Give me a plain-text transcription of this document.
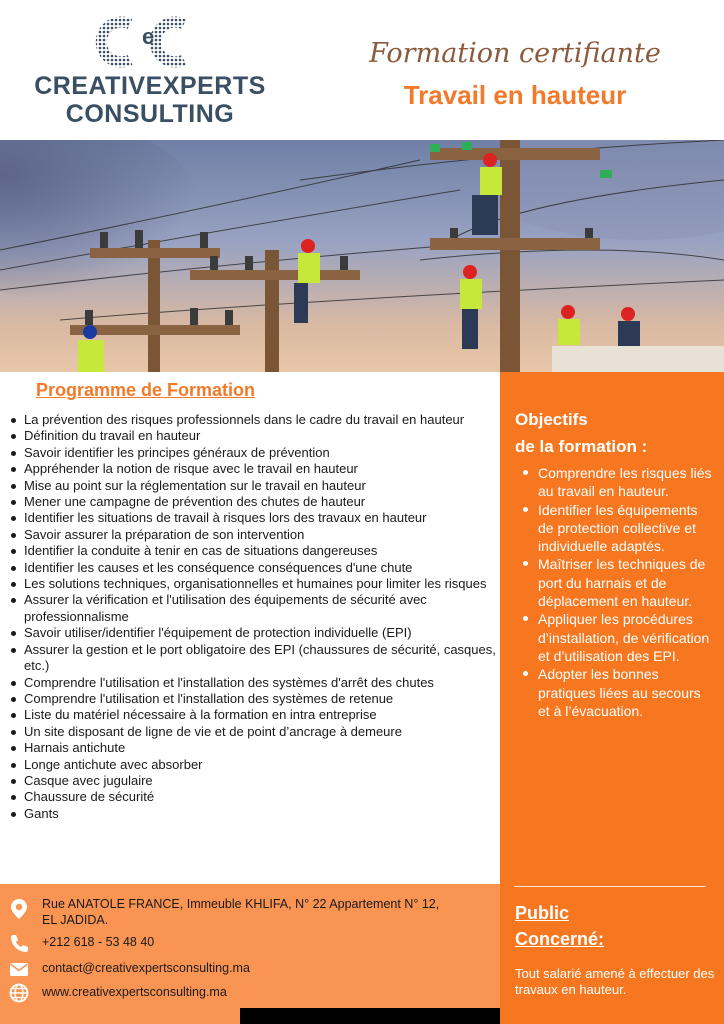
e
CREATIVEXPERTS
CONSULTING
Formation certifiante
Travail en hauteur
Programme de Formation
La prévention des risques professionnels dans le cadre du travail en hauteur
Définition du travail en hauteur
Savoir identifier les principes généraux de prévention
Appréhender la notion de risque avec le travail en hauteur
Mise au point sur la réglementation sur le travail en hauteur
Mener une campagne de prévention des chutes de hauteur
Identifier les situations de travail à risques lors des travaux en hauteur
Savoir assurer la préparation de son intervention
Identifier la conduite à tenir en cas de situations dangereuses
Identifier les causes et les conséquence conséquences d'une chute
Les solutions techniques, organisationnelles et humaines pour limiter les risques
Assurer la vérification et l'utilisation des équipements de sécurité avec professionnalisme
Savoir utiliser/identifier l'équipement de protection individuelle (EPI)
Assurer la gestion et le port obligatoire des EPI (chaussures de sécurité, casques, etc.)
Comprendre l'utilisation et l'installation des systèmes d'arrêt des chutes
Comprendre l'utilisation et l'installation des systèmes de retenue
Liste du matériel nécessaire à la formation en intra entreprise
Un site disposant de ligne de vie et de point d’ancrage à demeure
Harnais antichute
Longe antichute avec absorber
Casque avec jugulaire
Chaussure de sécurité
Gants
Objectifs
de la formation :
Comprendre les risques liés au travail en hauteur.
Identifier les équipements de protection collective et individuelle adaptés.
Maîtriser les techniques de port du harnais et de déplacement en hauteur.
Appliquer les procédures d’installation, de vérification et d’utilisation des EPI.
Adopter les bonnes pratiques liées au secours et à l’évacuation.
Public
Concerné:
Tout salarié amené à effectuer des travaux en hauteur.
Rue ANATOLE FRANCE, Immeuble KHLIFA, N° 22 Appartement N° 12, EL JADIDA.
+212 618 - 53 48 40
contact@creativexpertsconsulting.ma
www.creativexpertsconsulting.ma
